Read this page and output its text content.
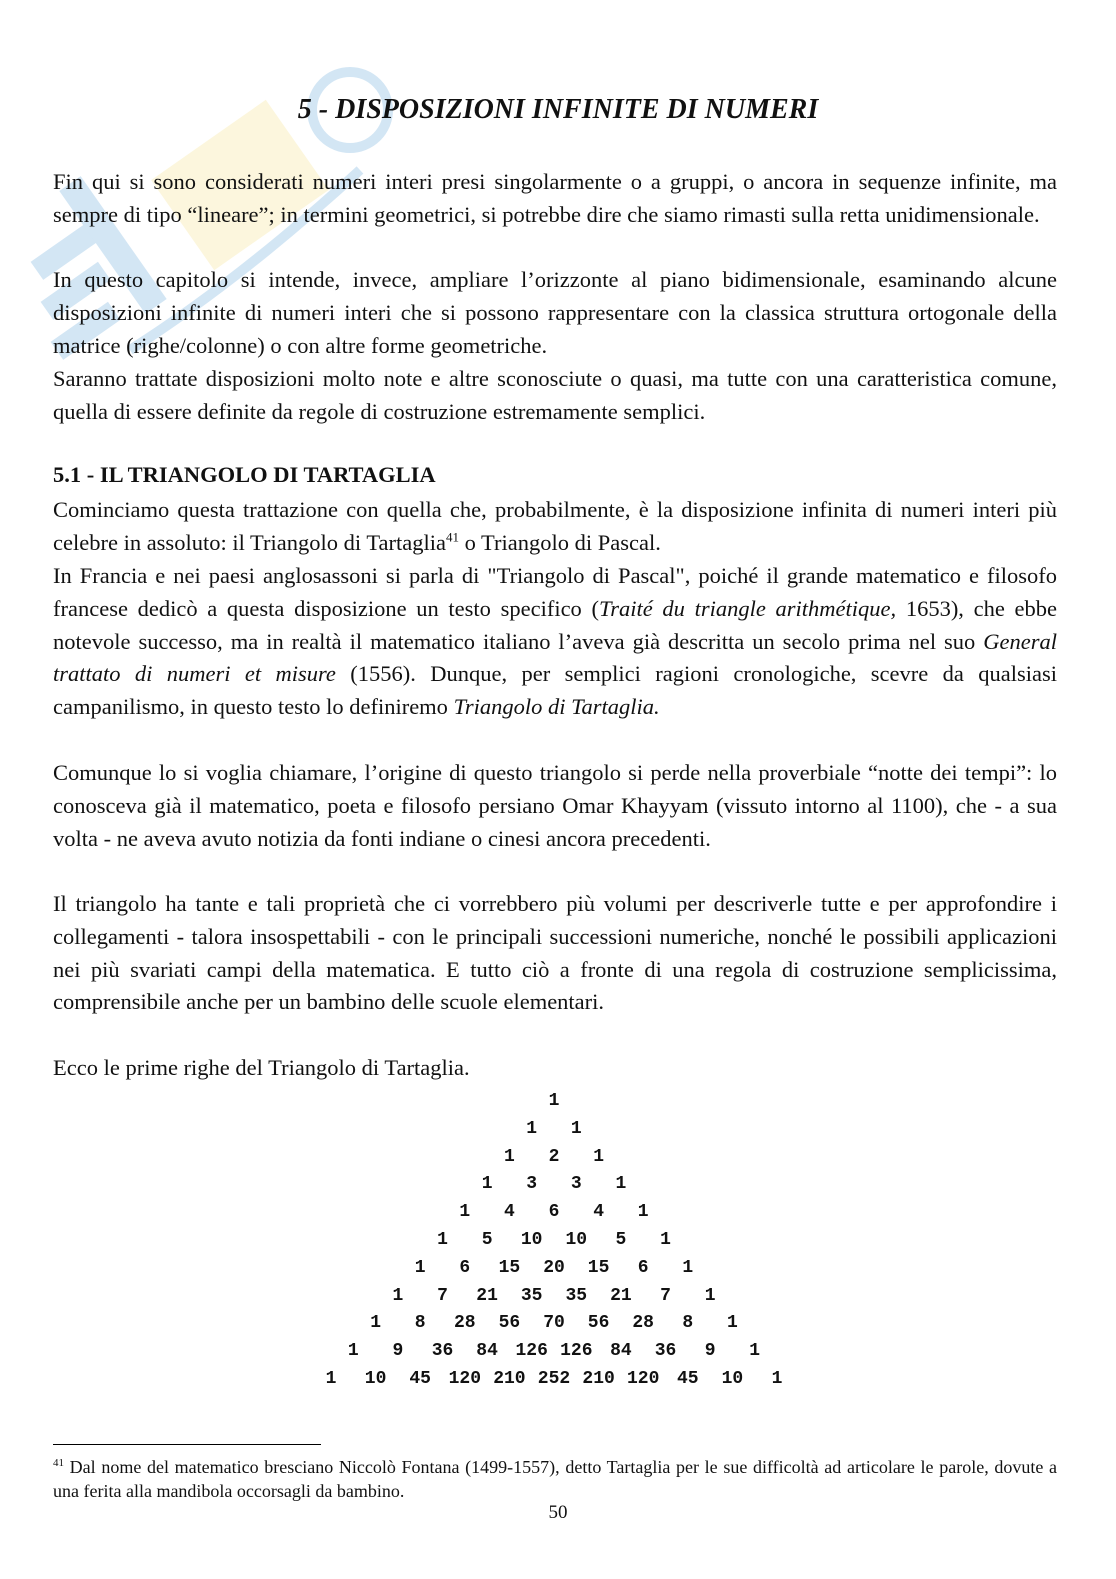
5 - DISPOSIZIONI INFINITE DI NUMERI

Fin qui si sono considerati numeri interi presi singolarmente o a gruppi, o ancora in sequenze infinite, ma sempre di tipo “lineare”; in termini geometrici, si potrebbe dire che siamo rimasti sulla retta unidimensionale.

In questo capitolo si intende, invece, ampliare l’orizzonte al piano bidimensionale, esaminando alcune disposizioni infinite di numeri interi che si possono rappresentare con la classica struttura ortogonale della matrice (righe/colonne) o con altre forme geometriche.

Saranno trattate disposizioni molto note e altre sconosciute o quasi, ma tutte con una caratteristica comune, quella di essere definite da regole di costruzione estremamente semplici.

5.1 - IL TRIANGOLO DI TARTAGLIA

Cominciamo questa trattazione con quella che, probabilmente, è la disposizione infinita di numeri interi più celebre in assoluto: il Triangolo di Tartaglia$^{41}$ o Triangolo di Pascal.

In Francia e nei paesi anglosassoni si parla di "Triangolo di Pascal", poiché il grande matematico e filosofo francese dedicò a questa disposizione un testo specifico (Traité du triangle arithmétique, 1653), che ebbe notevole successo, ma in realtà il matematico italiano l’aveva già descritta un secolo prima nel suo General trattato di numeri et misure (1556). Dunque, per semplici ragioni cronologiche, scevre da qualsiasi campanilismo, in questo testo lo definiremo Triangolo di Tartaglia.

Comunque lo si voglia chiamare, l’origine di questo triangolo si perde nella proverbiale “notte dei tempi”: lo conosceva già il matematico, poeta e filosofo persiano Omar Khayyam (vissuto intorno al 1100), che - a sua volta - ne aveva avuto notizia da fonti indiane o cinesi ancora precedenti.

Il triangolo ha tante e tali proprietà che ci vorrebbero più volumi per descriverle tutte e per approfondire i collegamenti - talora insospettabili - con le principali successioni numeriche, nonché le possibili applicazioni nei più svariati campi della matematica. E tutto ciò a fronte di una regola di costruzione semplicissima, comprensibile anche per un bambino delle scuole elementari.

Ecco le prime righe del Triangolo di Tartaglia.

1
1 1
1 2 1
1 3 3 1
1 4 6 4 1
1 5 10 10 5 1
1 6 15 20 15 6 1
1 7 21 35 35 21 7 1
1 8 28 56 70 56 28 8 1
1 9 36 84 126 126 84 36 9 1
1 10 45 120 210 252 210 120 45 10 1

$^{41}$ Dal nome del matematico bresciano Niccolò Fontana (1499-1557), detto Tartaglia per le sue difficoltà ad articolare le parole, dovute a una ferita alla mandibola occorsagli da bambino.

50
